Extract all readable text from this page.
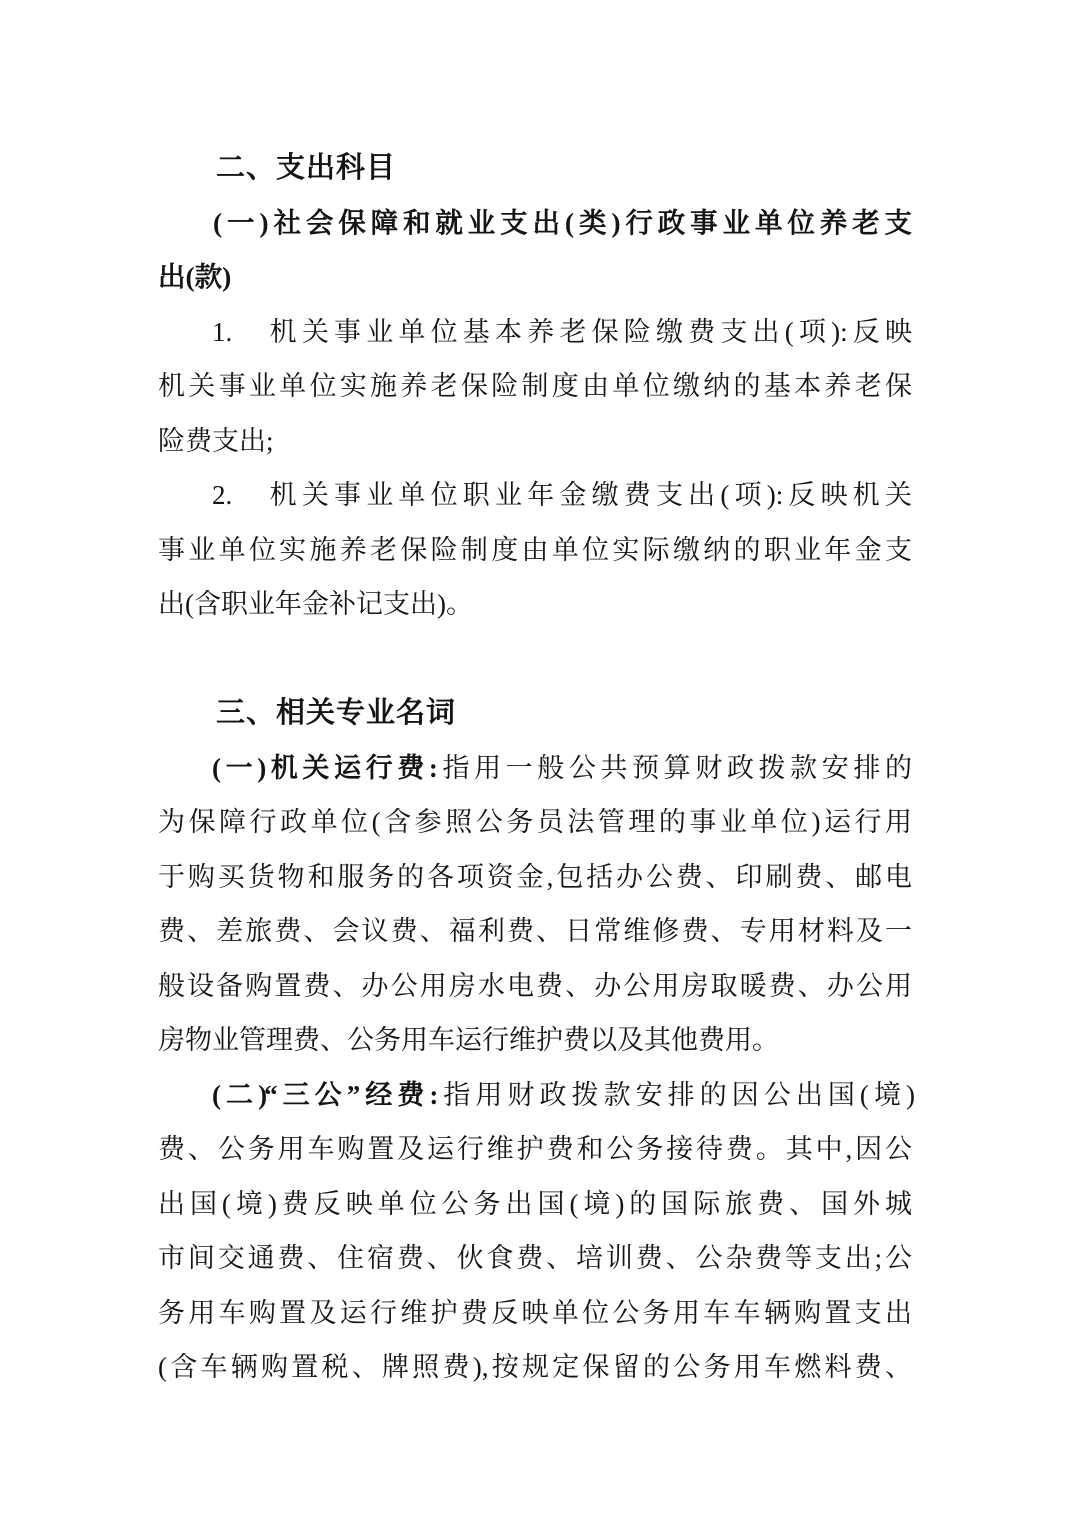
二、支出科目
(一)社会保障和就业支出(类)行政事业单位养老支
出(款)
1.　机关事业单位基本养老保险缴费支出(项):反映
机关事业单位实施养老保险制度由单位缴纳的基本养老保
险费支出;
2.　机关事业单位职业年金缴费支出(项):反映机关
事业单位实施养老保险制度由单位实际缴纳的职业年金支
出(含职业年金补记支出)。
三、相关专业名词
(一)机关运行费:指用一般公共预算财政拨款安排的
为保障行政单位(含参照公务员法管理的事业单位)运行用
于购买货物和服务的各项资金,包括办公费、印刷费、邮电
费、差旅费、会议费、福利费、日常维修费、专用材料及一
般设备购置费、办公用房水电费、办公用房取暖费、办公用
房物业管理费、公务用车运行维护费以及其他费用。
(二)“三公”经费:指用财政拨款安排的因公出国(境)
费、公务用车购置及运行维护费和公务接待费。其中,因公
出国(境)费反映单位公务出国(境)的国际旅费、国外城
市间交通费、住宿费、伙食费、培训费、公杂费等支出;公
务用车购置及运行维护费反映单位公务用车车辆购置支出
(含车辆购置税、牌照费),按规定保留的公务用车燃料费、
